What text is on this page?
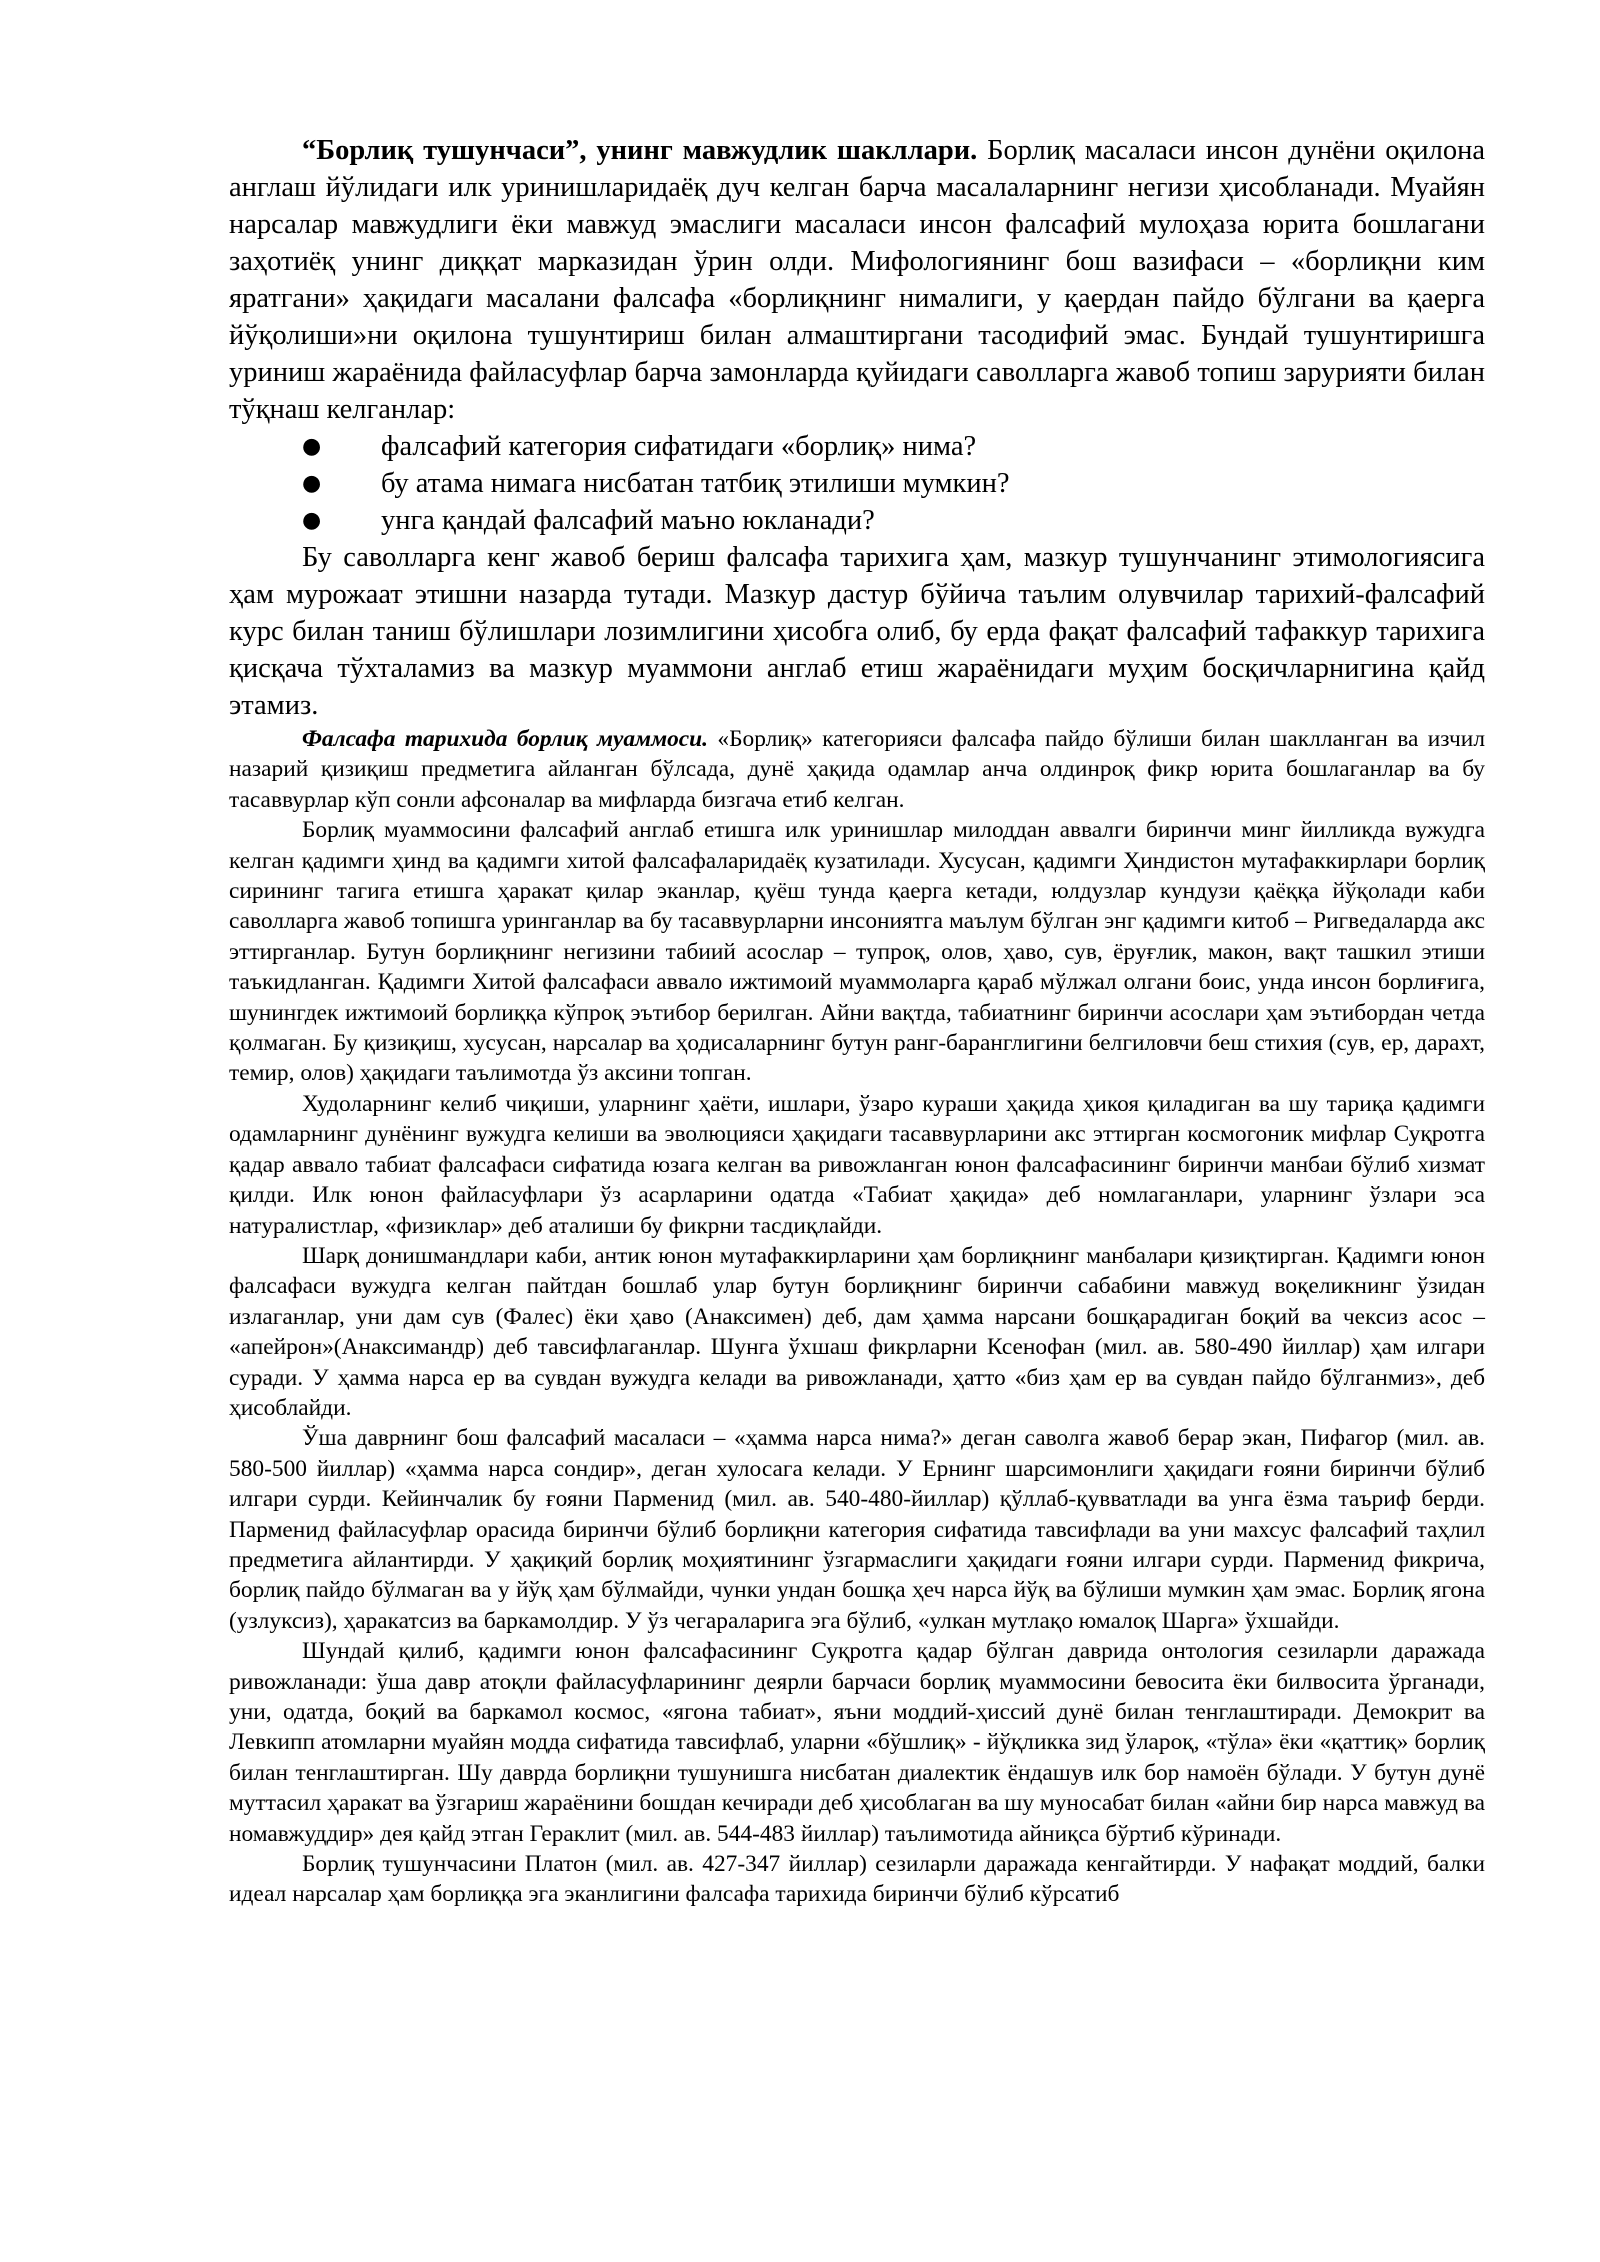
“Борлиқ тушунчаси”, унинг мавжудлик шакллари. Борлиқ масаласи инсон дунёни оқилона англаш йўлидаги илк уринишларидаёқ дуч келган барча масалаларнинг негизи ҳисобланади. Муайян нарсалар мавжудлиги ёки мавжуд эмаслиги масаласи инсон фалсафий мулоҳаза юрита бошлагани заҳотиёқ унинг диққат марказидан ўрин олди. Мифологиянинг бош вазифаси – «борлиқни ким яратгани» ҳақидаги масалани фалсафа «борлиқнинг нималиги, у қаердан пайдо бўлгани ва қаерга йўқолиши»ни оқилона тушунтириш билан алмаштиргани тасодифий эмас. Бундай тушунтиришга уриниш жараёнида файласуфлар барча замонларда қуйидаги саволларга жавоб топиш зарурияти билан тўқнаш келганлар:

● фалсафий категория сифатидаги «борлиқ» нима?
● бу атама нимага нисбатан татбиқ этилиши мумкин?
● унга қандай фалсафий маъно юкланади?

Бу саволларга кенг жавоб бериш фалсафа тарихига ҳам, мазкур тушунчанинг этимологиясига ҳам мурожаат этишни назарда тутади. Мазкур дастур бўйича таълим олувчилар тарихий-фалсафий курс билан таниш бўлишлари лозимлигини ҳисобга олиб, бу ерда фақат фалсафий тафаккур тарихига қисқача тўхталамиз ва мазкур муаммони англаб етиш жараёнидаги муҳим босқичларнигина қайд этамиз.

Фалсафа тарихида борлиқ муаммоси. «Борлиқ» категорияси фалсафа пайдо бўлиши билан шаклланган ва изчил назарий қизиқиш предметига айланган бўлсада, дунё ҳақида одамлар анча олдинроқ фикр юрита бошлаганлар ва бу тасаввурлар кўп сонли афсоналар ва мифларда бизгача етиб келган.

Борлиқ муаммосини фалсафий англаб етишга илк уринишлар милоддан аввалги биринчи минг йилликда вужудга келган қадимги ҳинд ва қадимги хитой фалсафаларидаёқ кузатилади. Хусусан, қадимги Ҳиндистон мутафаккирлари борлиқ сирининг тагига етишга ҳаракат қилар эканлар, қуёш тунда қаерга кетади, юлдузлар кундузи қаёққа йўқолади каби саволларга жавоб топишга уринганлар ва бу тасаввурларни инсониятга маълум бўлган энг қадимги китоб – Ригведаларда акс эттирганлар. Бутун борлиқнинг негизини табиий асослар – тупроқ, олов, ҳаво, сув, ёруғлик, макон, вақт ташкил этиши таъкидланган. Қадимги Хитой фалсафаси аввало ижтимоий муаммоларга қараб мўлжал олгани боис, унда инсон борлиғига, шунингдек ижтимоий борлиққа кўпроқ эътибор берилган. Айни вақтда, табиатнинг биринчи асослари ҳам эътибордан четда қолмаган. Бу қизиқиш, хусусан, нарсалар ва ҳодисаларнинг бутун ранг-баранглигини белгиловчи беш стихия (сув, ер, дарахт, темир, олов) ҳақидаги таълимотда ўз аксини топган.

Худоларнинг келиб чиқиши, уларнинг ҳаёти, ишлари, ўзаро кураши ҳақида ҳикоя қиладиган ва шу тариқа қадимги одамларнинг дунёнинг вужудга келиши ва эволюцияси ҳақидаги тасаввурларини акс эттирган космогоник мифлар Суқротга қадар аввало табиат фалсафаси сифатида юзага келган ва ривожланган юнон фалсафасининг биринчи манбаи бўлиб хизмат қилди. Илк юнон файласуфлари ўз асарларини одатда «Табиат ҳақида» деб номлаганлари, уларнинг ўзлари эса натуралистлар, «физиклар» деб аталиши бу фикрни тасдиқлайди.

Шарқ донишмандлари каби, антик юнон мутафаккирларини ҳам борлиқнинг манбалари қизиқтирган. Қадимги юнон фалсафаси вужудга келган пайтдан бошлаб улар бутун борлиқнинг биринчи сабабини мавжуд воқеликнинг ўзидан излаганлар, уни дам сув (Фалес) ёки ҳаво (Анаксимен) деб, дам ҳамма нарсани бошқарадиган боқий ва чексиз асос – «апейрон»(Анаксимандр) деб тавсифлаганлар. Шунга ўхшаш фикрларни Ксенофан (мил. ав. 580-490 йиллар) ҳам илгари суради. У ҳамма нарса ер ва сувдан вужудга келади ва ривожланади, ҳатто «биз ҳам ер ва сувдан пайдо бўлганмиз», деб ҳисоблайди.

Ўша даврнинг бош фалсафий масаласи – «ҳамма нарса нима?» деган саволга жавоб берар экан, Пифагор (мил. ав. 580-500 йиллар) «ҳамма нарса сондир», деган хулосага келади. У Ернинг шарсимонлиги ҳақидаги ғояни биринчи бўлиб илгари сурди. Кейинчалик бу ғояни Парменид (мил. ав. 540-480-йиллар) қўллаб-қувватлади ва унга ёзма таъриф берди. Парменид файласуфлар орасида биринчи бўлиб борлиқни категория сифатида тавсифлади ва уни махсус фалсафий таҳлил предметига айлантирди. У ҳақиқий борлиқ моҳиятининг ўзгармаслиги ҳақидаги ғояни илгари сурди. Парменид фикрича, борлиқ пайдо бўлмаган ва у йўқ ҳам бўлмайди, чунки ундан бошқа ҳеч нарса йўқ ва бўлиши мумкин ҳам эмас. Борлиқ ягона (узлуксиз), ҳаракатсиз ва баркамолдир. У ўз чегараларига эга бўлиб, «улкан мутлақо юмалоқ Шарга» ўхшайди.

Шундай қилиб, қадимги юнон фалсафасининг Суқротга қадар бўлган даврида онтология сезиларли даражада ривожланади: ўша давр атоқли файласуфларининг деярли барчаси борлиқ муаммосини бевосита ёки билвосита ўрганади, уни, одатда, боқий ва баркамол космос, «ягона табиат», яъни моддий-ҳиссий дунё билан тенглаштиради. Демокрит ва Левкипп атомларни муайян модда сифатида тавсифлаб, уларни «бўшлиқ» - йўқликка зид ўлароқ, «тўла» ёки «қаттиқ» борлиқ билан тенглаштирган. Шу даврда борлиқни тушунишга нисбатан диалектик ёндашув илк бор намоён бўлади. У бутун дунё муттасил ҳаракат ва ўзгариш жараёнини бошдан кечиради деб ҳисоблаган ва шу муносабат билан «айни бир нарса мавжуд ва номавжуддир» дея қайд этган Гераклит (мил. ав. 544-483 йиллар) таълимотида айниқса бўртиб кўринади.

Борлиқ тушунчасини Платон (мил. ав. 427-347 йиллар) сезиларли даражада кенгайтирди. У нафақат моддий, балки идеал нарсалар ҳам борлиққа эга эканлигини фалсафа тарихида биринчи бўлиб кўрсатиб
